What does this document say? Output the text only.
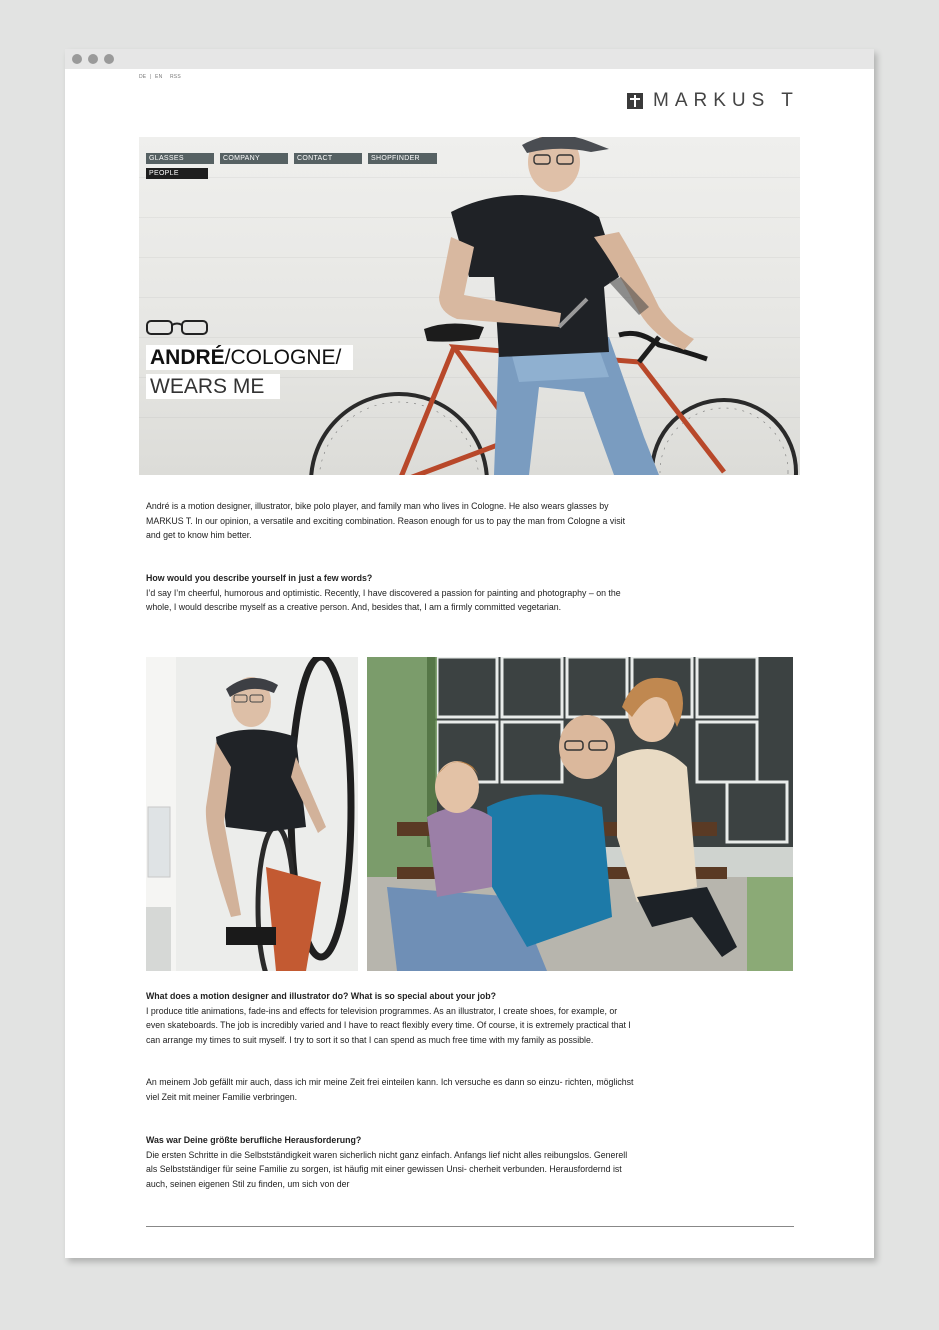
DE | EN RSS
MARKUS T
GLASSES	COMPANY	CONTACT	SHOPFINDER
PEOPLE
ANDRÉ/COLOGNE/
WEARS ME
André is a motion designer, illustrator, bike polo player, and family man who lives in Cologne. He also wears glasses by MARKUS T. In our opinion, a versatile and exciting combination. Reason enough for us to pay the man from Cologne a visit and get to know him better.
How would you describe yourself in just a few words?
I’d say I’m cheerful, humorous and optimistic. Recently, I have discovered a passion for painting and photography – on the whole, I would describe myself as a creative person. And, besides that, I am a firmly committed vegetarian.
What does a motion designer and illustrator do? What is so special about your job?
I produce title animations, fade-ins and effects for television programmes. As an illustrator, I create shoes, for example, or even skateboards. The job is incredibly varied and I have to react flexibly every time. Of course, it is extremely practical that I can arrange my times to suit myself. I try to sort it so that I can spend as much free time with my family as possible.
An meinem Job gefällt mir auch, dass ich mir meine Zeit frei einteilen kann. Ich versuche es dann so einzu- richten, möglichst viel Zeit mit meiner Familie verbringen.
Was war Deine größte berufliche Herausforderung?
Die ersten Schritte in die Selbstständigkeit waren sicherlich nicht ganz einfach. Anfangs lief nicht alles reibungslos. Generell als Selbstständiger für seine Familie zu sorgen, ist häufig mit einer gewissen Unsi- cherheit verbunden. Herausfordernd ist auch, seinen eigenen Stil zu finden, um sich von der
